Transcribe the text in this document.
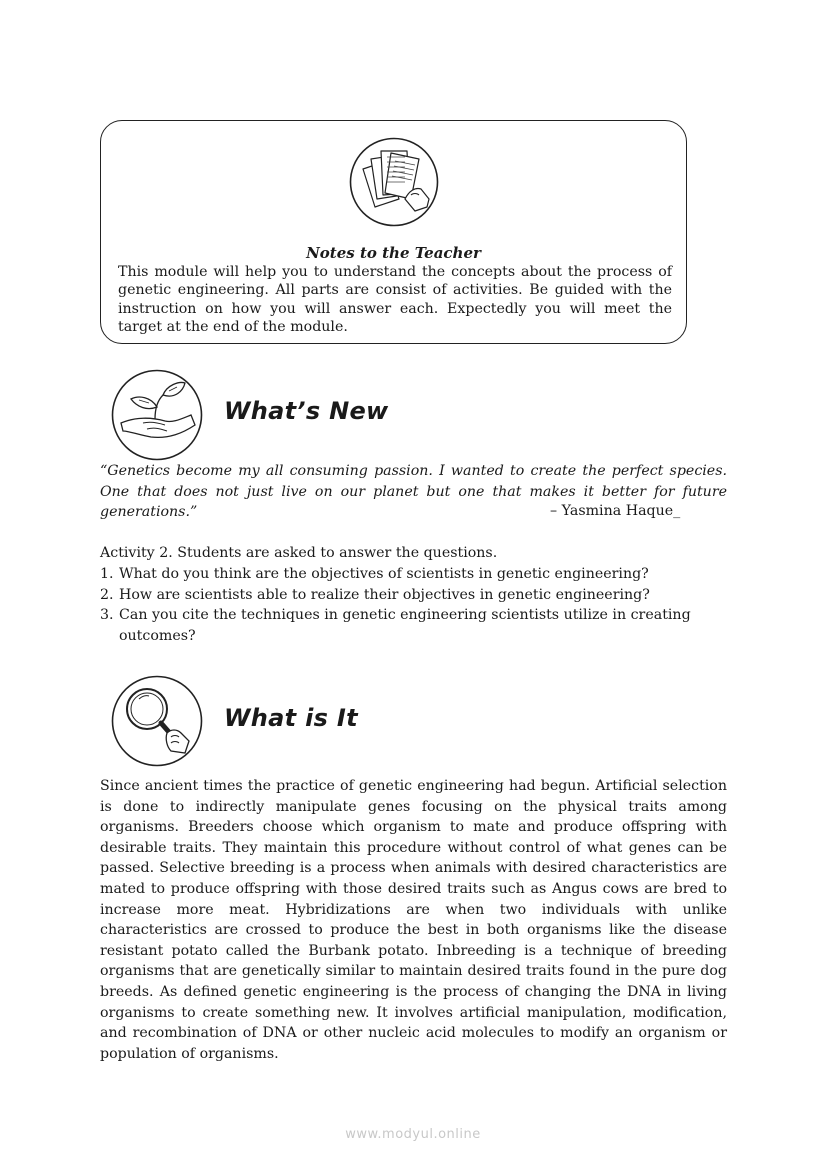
Notes to the Teacher

This module will help you to understand the concepts about the process of genetic engineering. All parts are consist of activities. Be guided with the instruction on how you will answer each. Expectedly you will meet the target at the end of the module.

What’s New

“Genetics become my all consuming passion. I wanted to create the perfect species. One that does not just live on our planet but one that makes it better for future generations.”	– Yasmina Haque_

Activity 2. Students are asked to answer the questions.

1. What do you think are the objectives of scientists in genetic engineering?
2. How are scientists able to realize their objectives in genetic engineering?
3. Can you cite the techniques in genetic engineering scientists utilize in creating outcomes?
What is It

Since ancient times the practice of genetic engineering had begun. Artificial selection is done to indirectly manipulate genes focusing on the physical traits among organisms. Breeders choose which organism to mate and produce offspring with desirable traits. They maintain this procedure without control of what genes can be passed. Selective breeding is a process when animals with desired characteristics are mated to produce offspring with those desired traits such as Angus cows are bred to increase more meat. Hybridizations are when two individuals with unlike characteristics are crossed to produce the best in both organisms like the disease resistant potato called the Burbank potato. Inbreeding is a technique of breeding organisms that are genetically similar to maintain desired traits found in the pure dog breeds. As defined genetic engineering is the process of changing the DNA in living organisms to create something new. It involves artificial manipulation, modification, and recombination of DNA or other nucleic acid molecules to modify an organism or population of organisms.

www.modyul.online
